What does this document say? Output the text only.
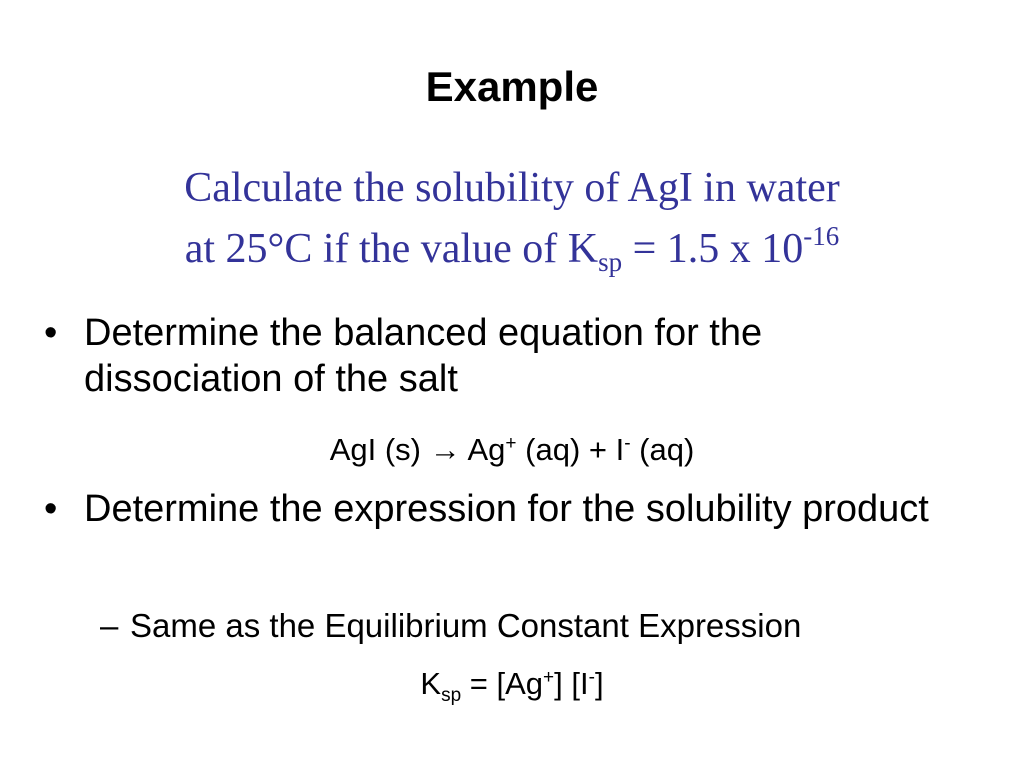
Example
Calculate the solubility of AgI in water
at 25°C if the value of $K_{sp} = 1.5$ x $10^{-16}$
• Determine the balanced equation for the dissociation of the salt
AgI (s) → Ag+ (aq) + I- (aq)
• Determine the expression for the solubility product
– Same as the Equilibrium Constant Expression
$K_{sp} = [Ag^+]$ [I-]
